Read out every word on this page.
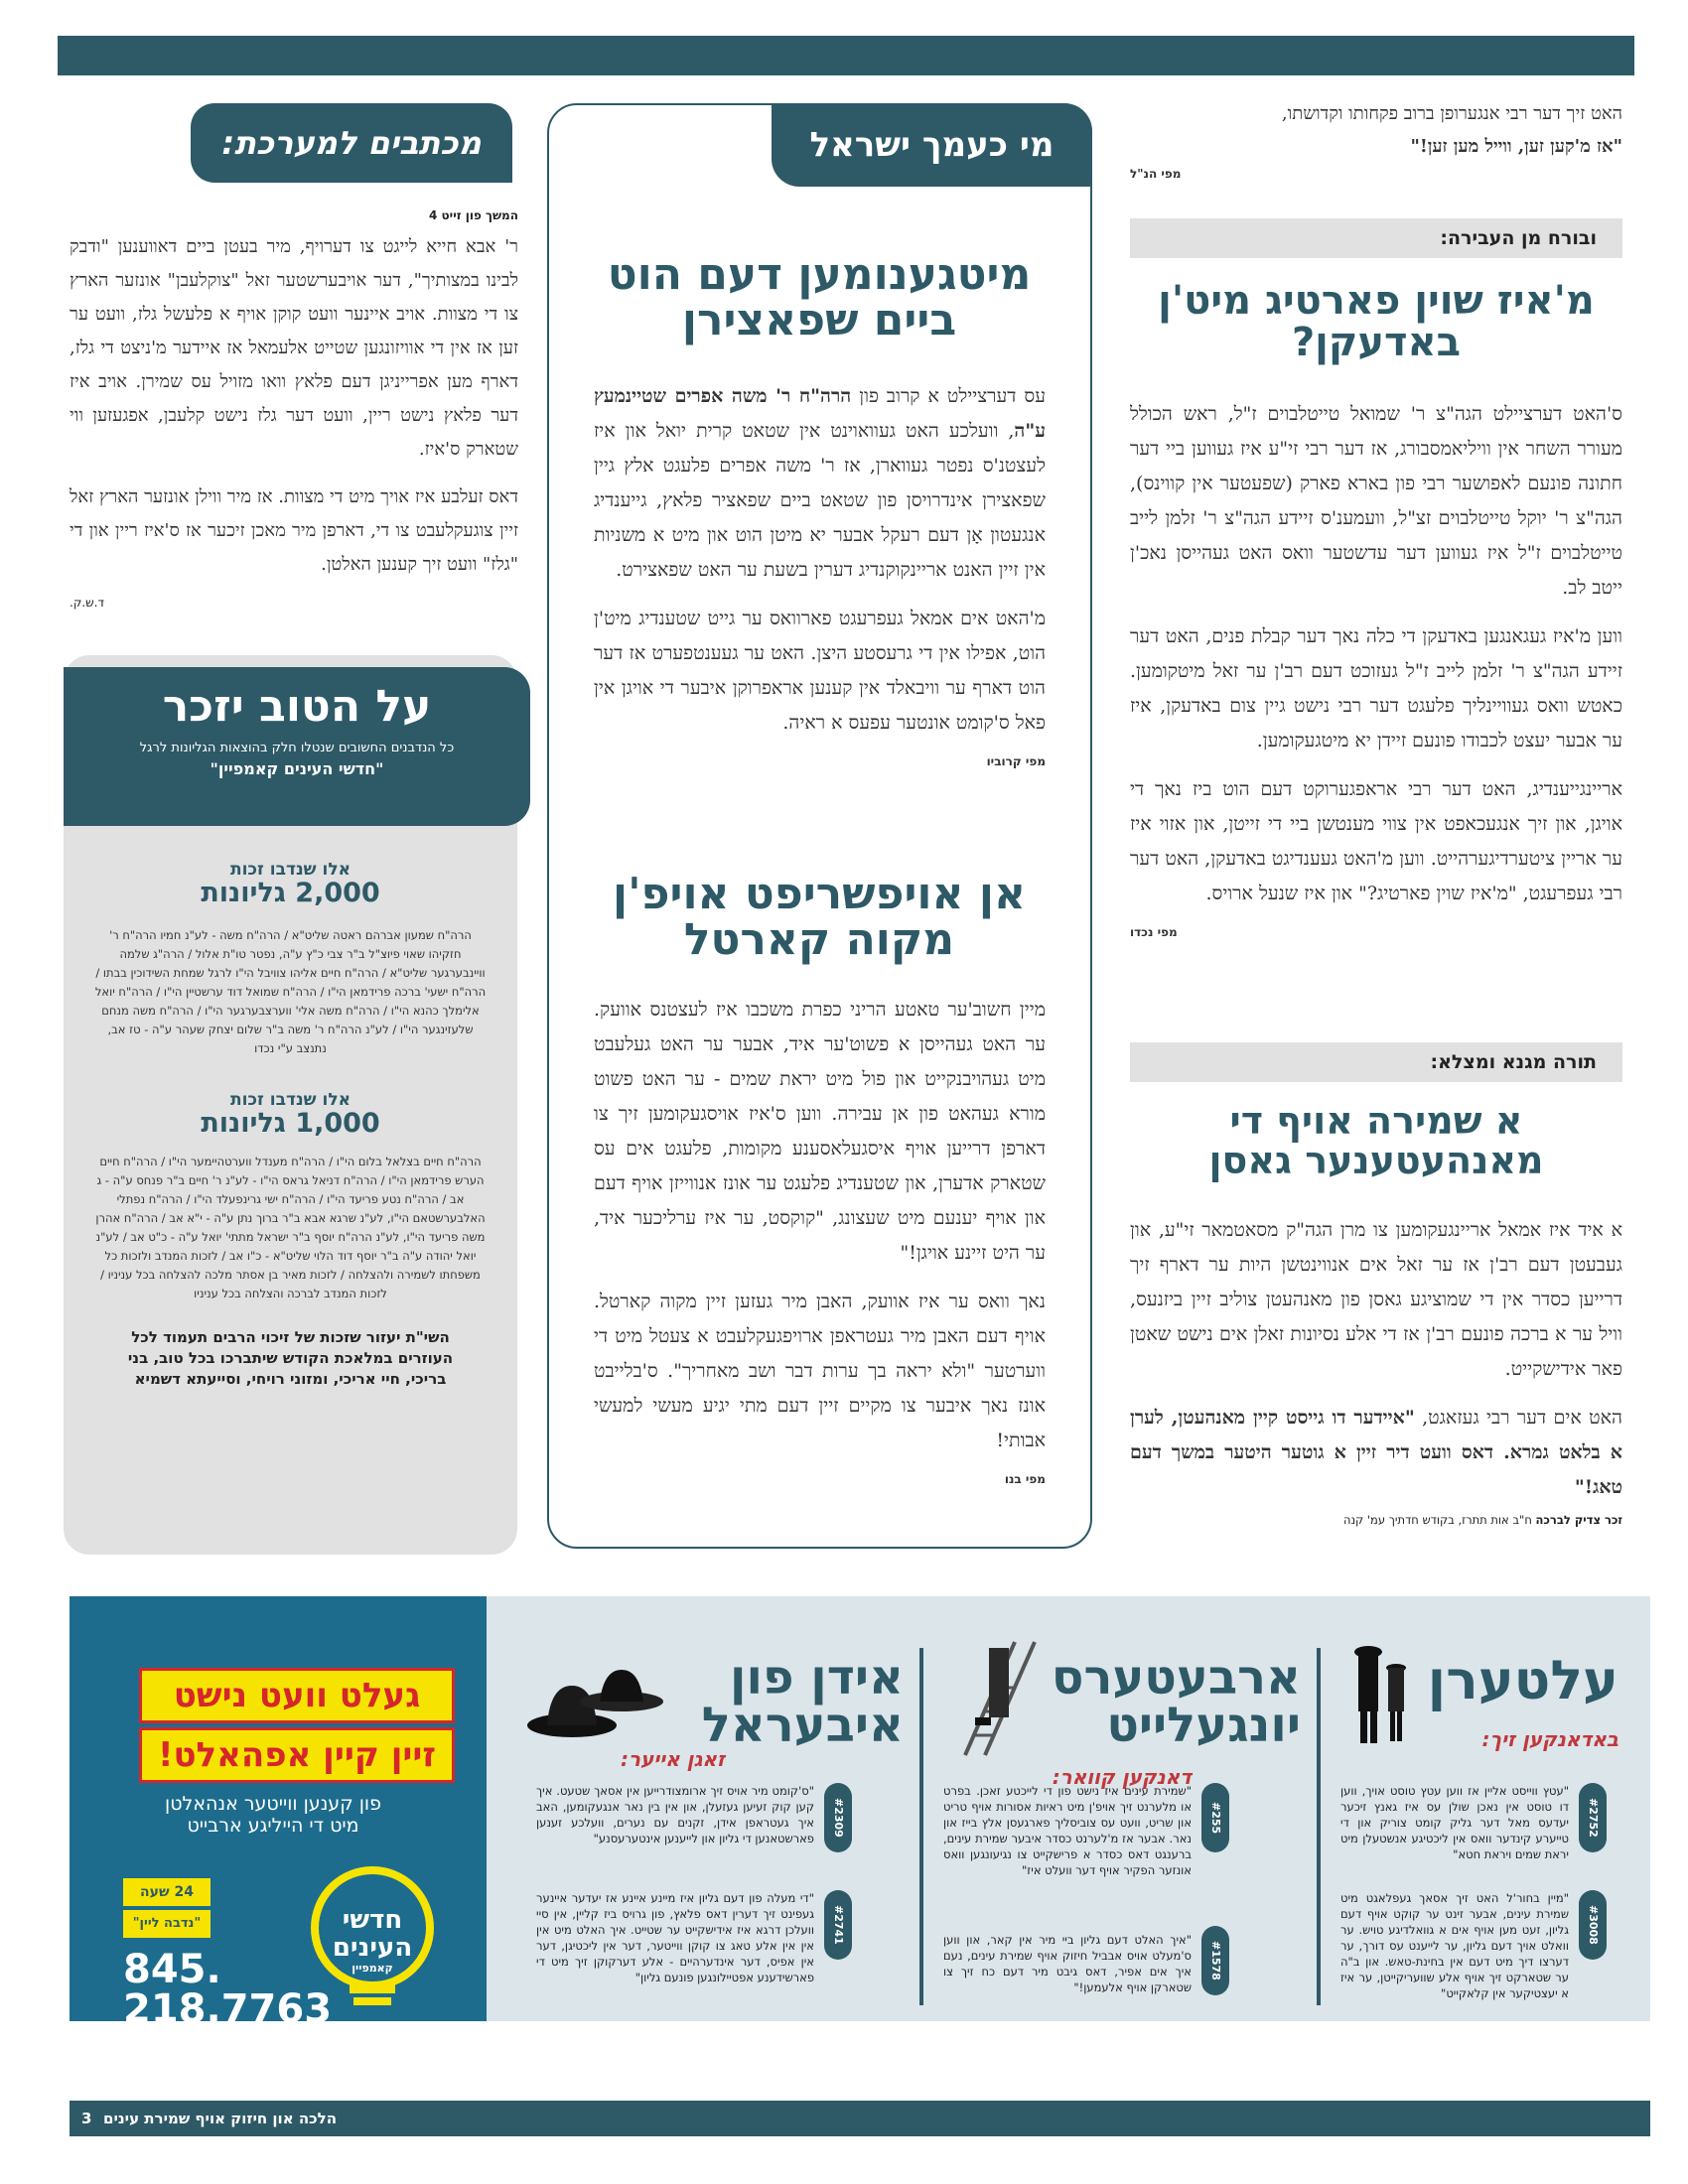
האט זיך דער רבי אנגערופן ברוב פקחותו וקדושתו,

"אז מ'קען זען, ווייל מען זען!"

מפי הנ"ל
ובורח מן העבירה:
מ'איז שוין פארטיג מיט'ן באדעקן?

ס'האט דערציילט הגה"צ ר' שמואל טייטלבוים ז"ל, ראש הכולל מעורר השחר אין וויליאמסבורג, אז דער רבי זי"ע איז געווען ביי דער חתונה פונעם לאפושער רבי פון בארא פארק (שפעטער אין קווינס), הגה"צ ר' יוקל טייטלבוים זצ"ל, וועמענ'ס זיידע הגה"צ ר' זלמן לייב טייטלבוים ז"ל איז געווען דער עדשטער וואס האט געהייסן נאכ'ן ייטב לב.

ווען מ'איז געגאנגען באדעקן די כלה נאך דער קבלת פנים, האט דער זיידע הגה"צ ר' זלמן לייב ז"ל געזוכט דעם רב'ן ער זאל מיטקומען. כאטש וואס געוויינליך פלעגט דער רבי נישט גיין צום באדעקן, איז ער אבער יעצט לכבודו פונעם זיידן יא מיטגעקומען.

אריינגייענדיג, האט דער רבי אראפגערוקט דעם הוט ביז נאך די אויגן, און זיך אנגעכאפט אין צווי מענטשן ביי די זייטן, און אזוי איז ער אריין ציטערדיגערהייט. ווען מ'האט געענדיגט באדעקן, האט דער רבי געפרעגט, "מ'איז שוין פארטיג?" און איז שנעל ארויס.

מפי נכדו
תורה מגנא ומצלא:
א שמירה אויף די מאנהעטענער גאסן

א איד איז אמאל אריינגעקומען צו מרן הגה"ק מסאטמאר זי"ע, און געבעטן דעם רב'ן אז ער זאל אים אנווינטשן היות ער דארף זיך דרייען כסדר אין די שמוציגע גאסן פון מאנהעטן צוליב זיין ביזנעס, וויל ער א ברכה פונעם רב'ן אז די אלע נסיונות זאלן אים נישט שאטן פאר אידישקייט.

האט אים דער רבי געזאגט, "איידער דו גייסט קיין מאנהעטן, לערן א בלאט גמרא. דאס וועט דיר זיין א גוטער היטער במשך דעם טאג!"

זכר צדיק לברכה ח"ב אות תתרז, בקודש חדתיך עמ' קנה
מי כעמך ישראל
מיטגענומען דעם הוט ביים שפאצירן

עס דערציילט א קרוב פון הרה"ח ר' משה אפרים שטיינמעץ ע"ה, וועלכע האט געוואוינט אין שטאט קרית יואל און איז לעצטנ'ס נפטר געווארן, אז ר' משה אפרים פלעגט אלץ גיין שפאצירן אינדרויסן פון שטאט ביים שפאציר פלאץ, גייענדיג אנגעטון אָן דעם רעקל אבער יא מיטן הוט און מיט א משניות אין זיין האנט אריינקוקנדיג דערין בשעת ער האט שפאצירט.

מ'האט אים אמאל געפרעגט פארוואס ער גייט שטענדיג מיט'ן הוט, אפילו אין די גרעסטע היצן. האט ער געענטפערט אז דער הוט דארף ער וויבאלד אין קענען אראפרוקן איבער די אויגן אין פאל ס'קומט אונטער עפעס א ראיה.

מפי קרוביו
אן אויפשריפט אויפ'ן מקוה קארטל

מיין חשוב'ער טאטע הריני כפרת משכבו איז לעצטנס אוועק. ער האט געהייסן א פשוט'ער איד, אבער ער האט געלעבט מיט געהויבנקייט און פול מיט יראת שמים - ער האט פשוט מורא געהאט פון אן עבירה. ווען ס'איז אויסגעקומען זיך צו דארפן דרייען אויף איסגעלאסענע מקומות, פלעגט אים עס שטארק אדערן, און שטענדיג פלעגט ער אונז אנווייזן אויף דעם און אויף יענעם מיט שעצונג, "קוקסט, ער איז ערליכער איד, ער היט זיינע אויגן!"

נאך וואס ער איז אוועק, האבן מיר געזען זיין מקוה קארטל. אויף דעם האבן מיר געטראפן ארויפגעקלעבט א צעטל מיט די ווערטער "ולא יראה בך ערות דבר ושב מאחריך". ס'בלייבט אונז נאך איבער צו מקיים זיין דעם מתי יגיע מעשי למעשי אבותי!

מפי בנו
מכתבים למערכת:
המשך פון זייט 4

ר' אבא חייא לייגט צו דערויף, מיר בעטן ביים דאווענען "ודבק לבינו במצותיך", דער אויבערשטער זאל "צוקלעבן" אונזער הארץ צו די מצוות. אויב איינער וועט קוקן אויף א פלעשל גלז, וועט ער זען אז אין די אוויזונגען שטייט אלעמאל אז איידער מ'ניצט די גלז, דארף מען אפרייניגן דעם פלאץ וואו מזויל עס שמירן. אויב איז דער פלאץ נישט ריין, וועט דער גלז נישט קלעבן, אפגעזען ווי שטארק ס'איז.

דאס זעלבע איז אויך מיט די מצוות. אז מיר ווילן אונזער הארץ זאל זיין צוגעקלעבט צו די, דארפן מיר מאכן זיכער אז ס'איז ריין און די "גלז" וועט זיך קענען האלטן.

ד.ש.ק.
על הטוב יזכר
כל הנדבנים החשובים שנטלו חלק בהוצאות הגליונות לרגל
"חדשי העינים קאמפיין"
אלו שנדבו זכות
2,000 גליונות
הרה"ח שמעון אברהם ראטה שליט"א / הרה"ח משה - לע"נ חמיו הרה"ח ר' חזקיהו שאוי פיוצ"ל ב"ר צבי כ"ץ ע"ה, נפטר טו"ת אלול / הרה"ג שלמה וויינבערגער שליט"א / הרה"ח חיים אליהו צוויבל הי"ו לרגל שמחת השידוכין בבתו / הרה"ח ישעי' ברכה פרידמאן הי"ו / הרה"ח שמואל דוד ערשטיין הי"ו / הרה"ח יואל אלימלך כהנא הי"ו / הרה"ח משה אלי' ווערצבערגער הי"ו / הרה"ח משה מנחם שלעזינגער הי"ו / לע"נ הרה"ח ר' משה ב"ר שלום יצחק שעהר ע"ה - טז אב, נתנצב ע"י נכדו
אלו שנדבו זכות
1,000 גליונות
הרה"ח חיים בצלאל בלום הי"ו / הרה"ח מענדל ווערטהיימער הי"ו / הרה"ח חיים הערש פרידמאן הי"ו / הרה"ח דניאל גראס הי"ו - לע"נ ר' חיים ב"ר פנחס ע"ה - ג אב / הרה"ח נטע פריעד הי"ו / הרה"ח ישי גרינפעלד הי"ו / הרה"ח נפתלי האלבערשטאם הי"ו, לע"נ שרגא אבא ב"ר ברוך נתן ע"ה - י"א אב / הרה"ח אהרן משה פריעד הי"ו, לע"נ הרה"ח יוסף ב"ר ישראל מתתי' יואל ע"ה - כ"ט אב / לע"נ יואל יהודה ע"ה ב"ר יוסף דוד הלוי שליט"א - כ"ו אב / לזכות המנדב ולזכות כל משפחתו לשמירה ולהצלחה / לזכות מאיר בן אסתר מלכה להצלחה בכל עניניו / לזכות המנדב לברכה והצלחה בכל עניניו
השי"ת יעזור שזכות של זיכוי הרבים תעמוד לכל העוזרים במלאכת הקודש שיתברכו בכל טוב, בני בריכי, חיי אריכי, ומזוני רויחי, וסייעתא דשמיא
עלטערן
באדאנקען זיך:
#2752
"עטץ ווייסט אליין אז ווען עטץ טוסט אויך, ווען דו טוסט אין נאכן שולן עס איז גאנץ זיכער יעדעס מאל דער גליק קומט צוריק און די טייערע קינדער וואס אין ליכטיגע אנשטעלן מיט יראת שמים ויראת חטא"
#3008
"מיין בחור'ל האט זיך אסאך געפלאגט מיט שמירת עינים, אבער זינט ער קוקט אויף דעם גליון, זעט מען אויף אים א גוואלדיגע טויש. ער וואלט אויך דעם גליון, ער לייענט עס דורך, ער דערצו דיך מיט דעם אין בחינת-טאש. און ב"ה ער שטארקט זיך אויף אלע שוועריקייטן, ער איז א יעצטיקער אין קלאקייט"
ארבעטערס יונגעלייט
דאנקען קוואר:
#255
"שמירת עינים איז נישט פון די לייכטע זאכן. בפרט או מלערנט זיך אויפ'ן מיט ראיות אסורות אויף טריט און שריט, וועט עס צוביסליך פארגעסן אלץ בייז און נאר. אבער אז מ'לערנט כסדר איבער שמירת עינים, ברענגט דאס כסדר א פרישקייט צו נגיעונגען וואס אונזער הפקיר אויף דער וועלט איז"
#1578
"איך האלט דעם גליון ביי מיר אין קאר, און ווען ס'מעלט אויס אבביל חיזוק אויף שמירת עינים, נעם איך אים אפיר, דאס גיבט מיר דעם כח זיך צו שטארקן אויף אלעמען!"
אידן פון איבעראל
זאגן אייער:
#2309
"ס'קומט מיר אויס זיך ארומצודרייען אין אסאך שטעט. איך קען קוק זעיען געזעלן, און אין בין נאר אנגעקומען, האב איך געטראפן אידן, זקנים עם נערים, וועלכע זענען פארשטאנען די גליון און לייענען אינטערעסנע"
#2741
"די מעלה פון דעם גליון איז מיינע איינע אז יעדער איינער געפינט זיך דערין דאס פלאץ, פון גרויס ביז קליין, אין סיי וועלכן דרגא איז אידישקייט ער שטייט. איך האלט מיט אין אין אין אלע טאג צו קוקן ווייטער, דער אין ליכטיגן, דער אין אפיס, דער אינדערהיים - אלע דערקוקן זיך מיט די פארשידענע אפטיילונגען פונעם גליון"
געלט וועט נישט
זיין קיין אפהאלט!
פון קענען ווייטער אנהאלטן
מיט די הייליגע ארבייט
24 שעה
"נדבה ליין"
845.
218.7763
חדשי
העינים
קאמפיין
3 הלכה און חיזוק אויף שמירת עינים
